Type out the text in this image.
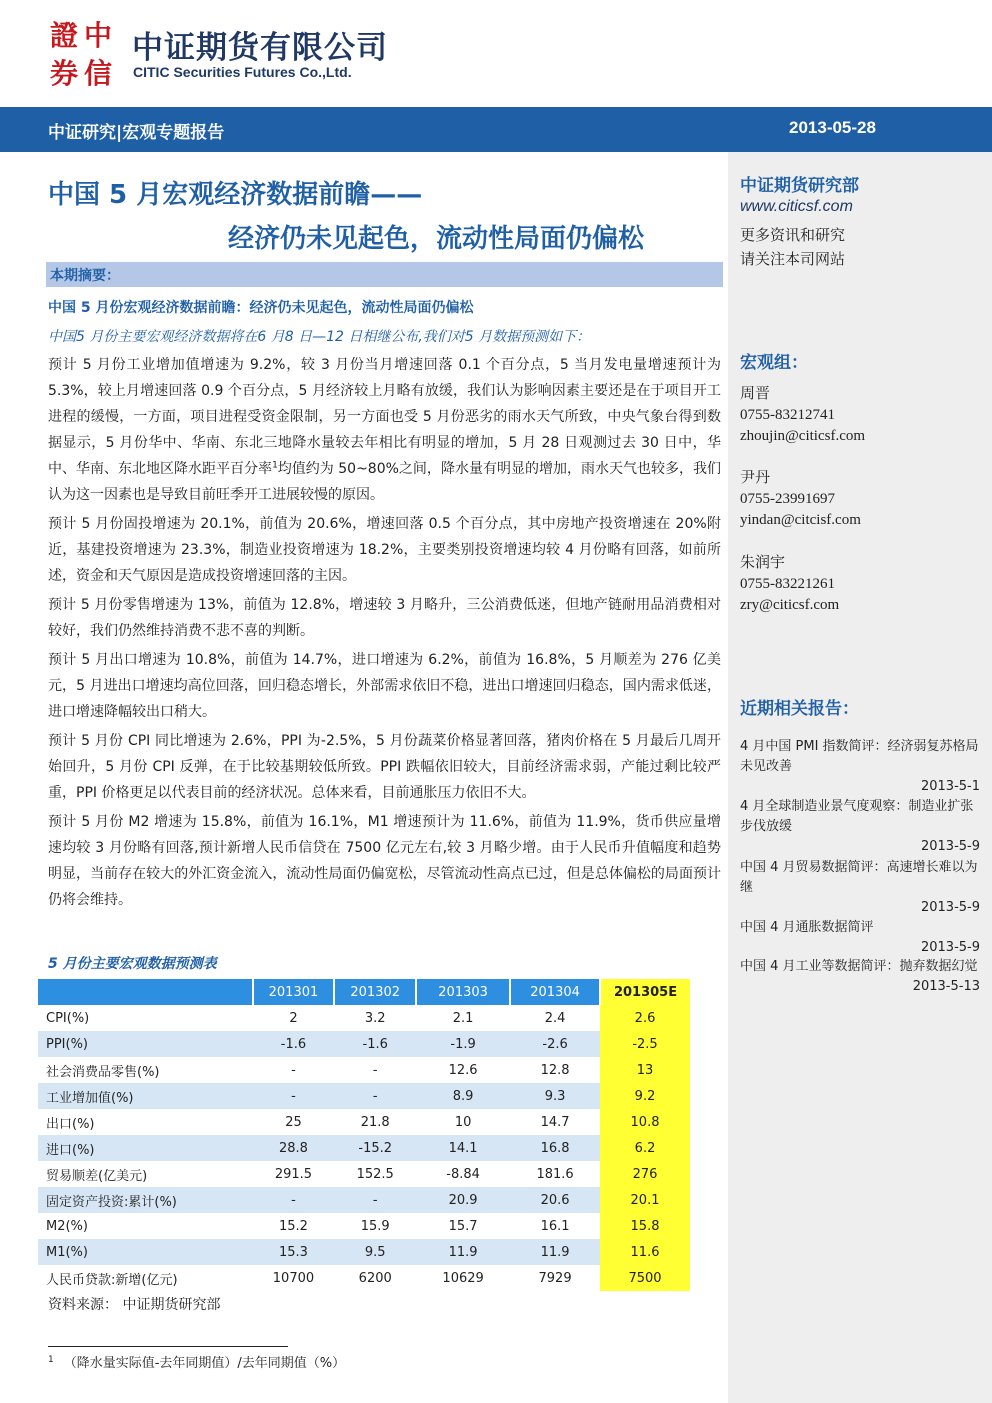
證 中
券 信
中证期货有限公司
CITIC Securities Futures Co.,Ltd.
中证研究|宏观专题报告	2013-05-28
中国 5 月宏观经济数据前瞻——
经济仍未见起色，流动性局面仍偏松
本期摘要：
中国 5 月份宏观经济数据前瞻：经济仍未见起色，流动性局面仍偏松
中国5 月份主要宏观经济数据将在6 月8 日—12 日相继公布,我们对5 月数据预测如下：

预计 5 月份工业增加值增速为 9.2%，较 3 月份当月增速回落 0.1 个百分点，5 当月发电量增速预计为 5.3%，较上月增速回落 0.9 个百分点，5 月经济较上月略有放缓，我们认为影响因素主要还是在于项目开工进程的缓慢，一方面，项目进程受资金限制，另一方面也受 5 月份恶劣的雨水天气所致，中央气象台得到数据显示，5 月份华中、华南、东北三地降水量较去年相比有明显的增加，5 月 28 日观测过去 30 日中，华中、华南、东北地区降水距平百分率$^1$均值约为 50~80%之间，降水量有明显的增加，雨水天气也较多，我们认为这一因素也是导致目前旺季开工进展较慢的原因。

预计 5 月份固投增速为 20.1%，前值为 20.6%，增速回落 0.5 个百分点，其中房地产投资增速在 20%附近，基建投资增速为 23.3%，制造业投资增速为 18.2%，主要类别投资增速均较 4 月份略有回落，如前所述，资金和天气原因是造成投资增速回落的主因。

预计 5 月份零售增速为 13%，前值为 12.8%，增速较 3 月略升，三公消费低迷，但地产链耐用品消费相对较好，我们仍然维持消费不悲不喜的判断。

预计 5 月出口增速为 10.8%，前值为 14.7%，进口增速为 6.2%，前值为 16.8%，5 月顺差为 276 亿美元，5 月进出口增速均高位回落，回归稳态增长，外部需求依旧不稳，进出口增速回归稳态，国内需求低迷，进口增速降幅较出口稍大。

预计 5 月份 CPI 同比增速为 2.6%，PPI 为-2.5%，5 月份蔬菜价格显著回落，猪肉价格在 5 月最后几周开始回升，5 月份 CPI 反弹，在于比较基期较低所致。PPI 跌幅依旧较大，目前经济需求弱，产能过剩比较严重，PPI 价格更足以代表目前的经济状况。总体来看，目前通胀压力依旧不大。

预计 5 月份 M2 增速为 15.8%，前值为 16.1%，M1 增速预计为 11.6%，前值为 11.9%，货币供应量增速均较 3 月份略有回落,预计新增人民币信贷在 7500 亿元左右,较 3 月略少增。由于人民币升值幅度和趋势明显，当前存在较大的外汇资金流入，流动性局面仍偏宽松，尽管流动性高点已过，但是总体偏松的局面预计仍将会维持。

5 月份主要宏观数据预测表
	201301	201302	201303	201304	201305E
CPI(%)	2	3.2	2.1	2.4	2.6
PPI(%)	-1.6	-1.6	-1.9	-2.6	-2.5
社会消费品零售(%)	-	-	12.6	12.8	13
工业增加值(%)	-	-	8.9	9.3	9.2
出口(%)	25	21.8	10	14.7	10.8
进口(%)	28.8	-15.2	14.1	16.8	6.2
贸易顺差(亿美元)	291.5	152.5	-8.84	181.6	276
固定资产投资:累计(%)	-	-	20.9	20.6	20.1
M2(%)	15.2	15.9	15.7	16.1	15.8
M1(%)	15.3	9.5	11.9	11.9	11.6
人民币贷款:新增(亿元)	10700	6200	10629	7929	7500
资料来源： 中证期货研究部
$^1$ （降水量实际值-去年同期值）/去年同期值（%）
中证期货研究部
www.citicsf.com
更多资讯和研究
请关注本司网站
宏观组：
周晋
0755-83212741
zhoujin@citicsf.com
尹丹
0755-23991697
yindan@citcisf.com
朱润宇
0755-83221261
zry@citicsf.com
近期相关报告：
4 月中国 PMI 指数简评：经济弱复苏格局未见改善
2013-5-1
4 月全球制造业景气度观察：制造业扩张步伐放缓
2013-5-9
中国 4 月贸易数据简评：高速增长难以为继
2013-5-9
中国 4 月通胀数据简评
2013-5-9
中国 4 月工业等数据简评：抛弃数据幻觉
2013-5-13
